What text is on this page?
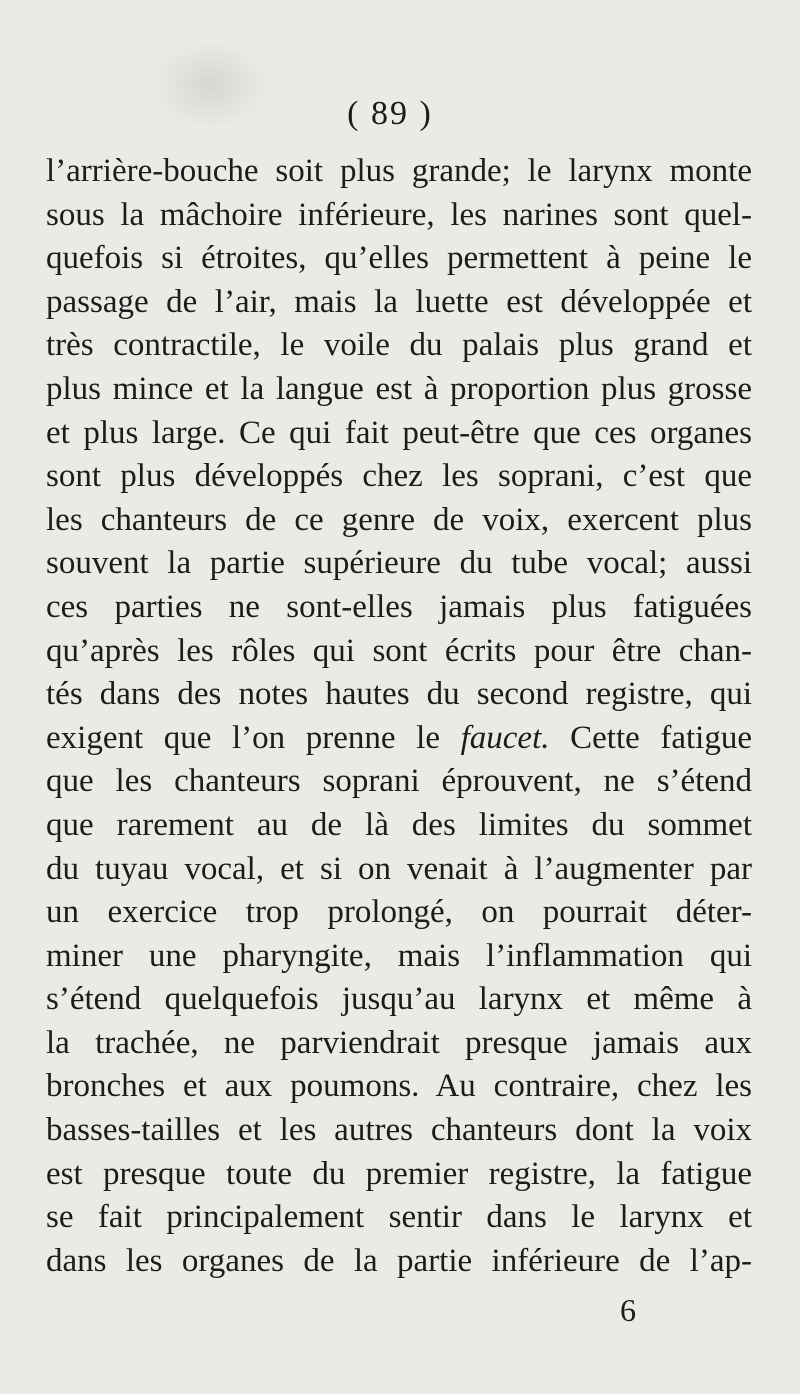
( 89 )
l’arrière-bouche soit plus grande; le larynx monte
sous la mâchoire inférieure, les narines sont quel-
quefois si étroites, qu’elles permettent à peine le
passage de l’air, mais la luette est développée et
très contractile, le voile du palais plus grand et
plus mince et la langue est à proportion plus grosse
et plus large. Ce qui fait peut-être que ces organes
sont plus développés chez les soprani, c’est que
les chanteurs de ce genre de voix, exercent plus
souvent la partie supérieure du tube vocal; aussi
ces parties ne sont-elles jamais plus fatiguées
qu’après les rôles qui sont écrits pour être chan-
tés dans des notes hautes du second registre, qui
exigent que l’on prenne le faucet. Cette fatigue
que les chanteurs soprani éprouvent, ne s’étend
que rarement au de là des limites du sommet
du tuyau vocal, et si on venait à l’augmenter par
un exercice trop prolongé, on pourrait déter-
miner une pharyngite, mais l’inflammation qui
s’étend quelquefois jusqu’au larynx et même à
la trachée, ne parviendrait presque jamais aux
bronches et aux poumons. Au contraire, chez les
basses-tailles et les autres chanteurs dont la voix
est presque toute du premier registre, la fatigue
se fait principalement sentir dans le larynx et
dans les organes de la partie inférieure de l’ap-
6
